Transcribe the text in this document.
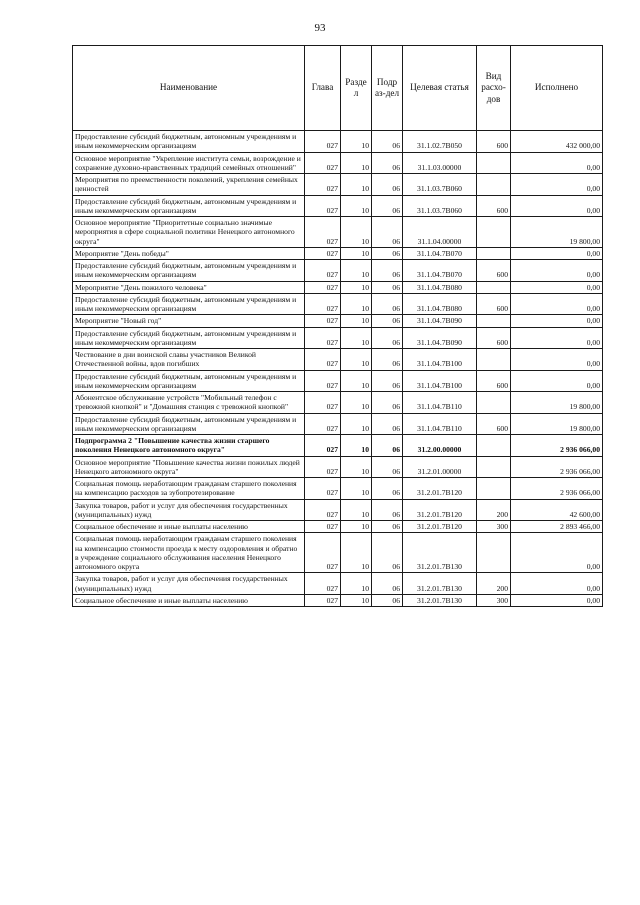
93
Наименование	Глава	Разде л	Подр аз-дел	Целевая статья	Вид расхо- дов	Исполнено
Предоставление субсидий бюджетным, автономным учреждениям и иным некоммерческим организациям	027	10	06	31.1.02.7В050	600	432 000,00
Основное мероприятие "Укрепление института семьи, возрождение и сохранение духовно-нравственных традиций семейных отношений"	027	10	06	31.1.03.00000		0,00
Мероприятия по преемственности поколений, укрепления семейных ценностей	027	10	06	31.1.03.7В060		0,00
Предоставление субсидий бюджетным, автономным учреждениям и иным некоммерческим организациям	027	10	06	31.1.03.7В060	600	0,00
Основное мероприятие "Приоритетные социально значимые мероприятия в сфере социальной политики Ненецкого автономного округа"	027	10	06	31.1.04.00000		19 800,00
Мероприятие "День победы"	027	10	06	31.1.04.7В070		0,00
Предоставление субсидий бюджетным, автономным учреждениям и иным некоммерческим организациям	027	10	06	31.1.04.7В070	600	0,00
Мероприятие "День пожилого человека"	027	10	06	31.1.04.7В080		0,00
Предоставление субсидий бюджетным, автономным учреждениям и иным некоммерческим организациям	027	10	06	31.1.04.7В080	600	0,00
Мероприятие "Новый год"	027	10	06	31.1.04.7В090		0,00
Предоставление субсидий бюджетным, автономным учреждениям и иным некоммерческим организациям	027	10	06	31.1.04.7В090	600	0,00
Чествование в дни воинской славы участников Великой Отечественной войны, вдов погибших	027	10	06	31.1.04.7В100		0,00
Предоставление субсидий бюджетным, автономным учреждениям и иным некоммерческим организациям	027	10	06	31.1.04.7В100	600	0,00
Абонентское обслуживание устройств "Мобильный телефон с тревожной кнопкой" и "Домашняя станция с тревожной кнопкой"	027	10	06	31.1.04.7В110		19 800,00
Предоставление субсидий бюджетным, автономным учреждениям и иным некоммерческим организациям	027	10	06	31.1.04.7В110	600	19 800,00
Подпрограмма 2 "Повышение качества жизни старшего поколения Ненецкого автономного округа"	027	10	06	31.2.00.00000		2 936 066,00
Основное мероприятие "Повышение качества жизни пожилых людей Ненецкого автономного округа"	027	10	06	31.2.01.00000		2 936 066,00
Социальная помощь неработающим гражданам старшего поколения на компенсацию расходов за зубопротезирование	027	10	06	31.2.01.7В120		2 936 066,00
Закупка товаров, работ и услуг для обеспечения государственных (муниципальных) нужд	027	10	06	31.2.01.7В120	200	42 600,00
Социальное обеспечение и иные выплаты населению	027	10	06	31.2.01.7В120	300	2 893 466,00
Социальная помощь неработающим гражданам старшего поколения на компенсацию стоимости проезда к месту оздоровления и обратно в учреждение социального обслуживания населения Ненецкого автономного округа	027	10	06	31.2.01.7В130		0,00
Закупка товаров, работ и услуг для обеспечения государственных (муниципальных) нужд	027	10	06	31.2.01.7В130	200	0,00
Социальное обеспечение и иные выплаты населению	027	10	06	31.2.01.7В130	300	0,00
